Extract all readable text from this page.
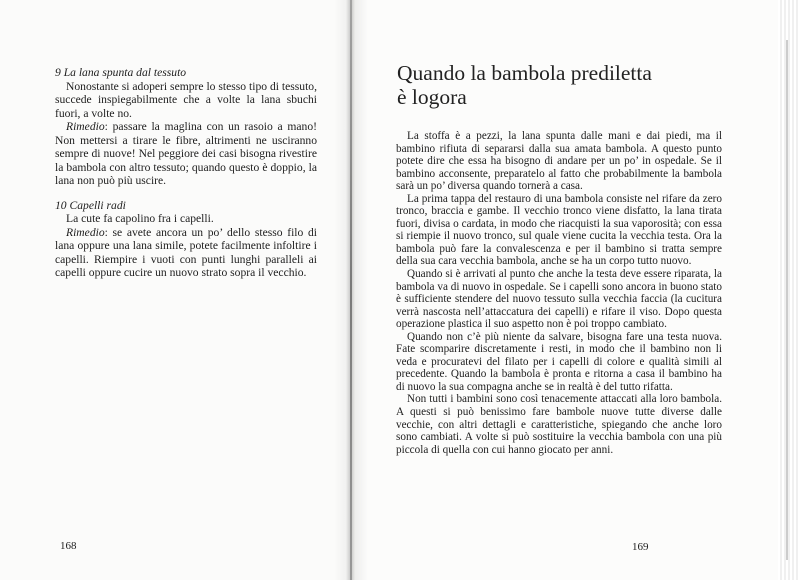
9 La lana spunta dal tessuto

Nonostante si adoperi sempre lo stesso tipo di tessuto, succede inspiegabilmente che a volte la lana sbuchi fuori, a volte no.

Rimedio: passare la maglina con un rasoio a mano! Non mettersi a tirare le fibre, altrimenti ne usciranno sempre di nuove! Nel peggiore dei casi bisogna rivestire la bambola con altro tessuto; quando questo è doppio, la lana non può più uscire.

10 Capelli radi

La cute fa capolino fra i capelli.

Rimedio: se avete ancora un po’ dello stesso filo di lana oppure una lana simile, potete facilmente infoltire i capelli. Riempire i vuoti con punti lunghi paralleli ai capelli oppure cucire un nuovo strato sopra il vecchio.

168
Quando la bambola prediletta
è logora

La stoffa è a pezzi, la lana spunta dalle mani e dai piedi, ma il bambino rifiuta di separarsi dalla sua amata bambola. A questo punto potete dire che essa ha bisogno di andare per un po’ in ospedale. Se il bambino acconsente, preparatelo al fatto che probabilmente la bambola sarà un po’ diversa quando tornerà a casa.

La prima tappa del restauro di una bambola consiste nel rifare da zero tronco, braccia e gambe. Il vecchio tronco viene disfatto, la lana tirata fuori, divisa o cardata, in modo che riacquisti la sua vaporosità; con essa si riempie il nuovo tronco, sul quale viene cucita la vecchia testa. Ora la bambola può fare la convalescenza e per il bambino si tratta sempre della sua cara vecchia bambola, anche se ha un corpo tutto nuovo.

Quando si è arrivati al punto che anche la testa deve essere riparata, la bambola va di nuovo in ospedale. Se i capelli sono ancora in buono stato è sufficiente stendere del nuovo tessuto sulla vecchia faccia (la cucitura verrà nascosta nell’attaccatura dei capelli) e rifare il viso. Dopo questa operazione plastica il suo aspetto non è poi troppo cambiato.

Quando non c’è più niente da salvare, bisogna fare una testa nuova. Fate scomparire discretamente i resti, in modo che il bambino non li veda e procuratevi del filato per i capelli di colore e qualità simili al precedente. Quando la bambola è pronta e ritorna a casa il bambino ha di nuovo la sua compagna anche se in realtà è del tutto rifatta.

Non tutti i bambini sono così tenacemente attaccati alla loro bambola. A questi si può benissimo fare bambole nuove tutte diverse dalle vecchie, con altri dettagli e caratteristiche, spiegando che anche loro sono cambiati. A volte si può sostituire la vecchia bambola con una più piccola di quella con cui hanno giocato per anni.

169
